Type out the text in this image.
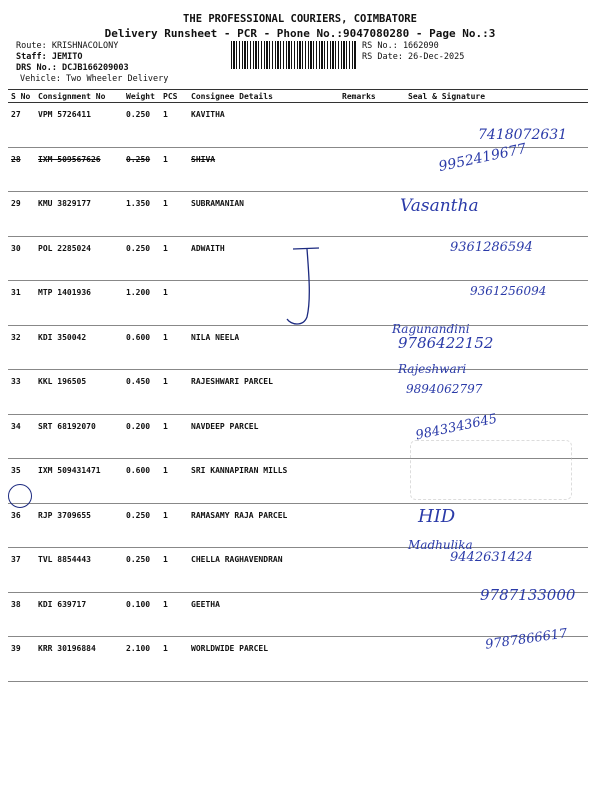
THE PROFESSIONAL COURIERS, COIMBATORE
Delivery Runsheet - PCR - Phone No.:9047080280 - Page No.:3
Route: KRISHNACOLONY
Staff: JEMITO
DRS No.: DCJB166209003
Vehicle: Two Wheeler Delivery
RS No.: 1662090
RS Date: 26-Dec-2025
S No	Consignment No	Weight	PCS	Consignee Details	Remarks	Seal & Signature
27	VPM 5726411	0.250	1	KAVITHA		
28	IXM 509567626	0.250	1	SHIVA		
29	KMU 3829177	1.350	1	SUBRAMANIAN		
30	POL 2285024	0.250	1	ADWAITH		
31	MTP 1401936	1.200	1			
32	KDI 350042	0.600	1	NILA NEELA		
33	KKL 196505	0.450	1	RAJESHWARI PARCEL		
34	SRT 68192070	0.200	1	NAVDEEP PARCEL		
35	IXM 509431471	0.600	1	SRI KANNAPIRAN MILLS		
36	RJP 3709655	0.250	1	RAMASAMY RAJA PARCEL		
37	TVL 8854443	0.250	1	CHELLA RAGHAVENDRAN		
38	KDI 639717	0.100	1	GEETHA		
39	KRR 30196884	2.100	1	WORLDWIDE PARCEL		
7418072631
9952419677
Vasantha
9361286594
9361256094
Ragunandini
9786422152
Rajeshwari
9894062797
9843343645
HID
Madhulika
9442631424
9787133000
9787866617
